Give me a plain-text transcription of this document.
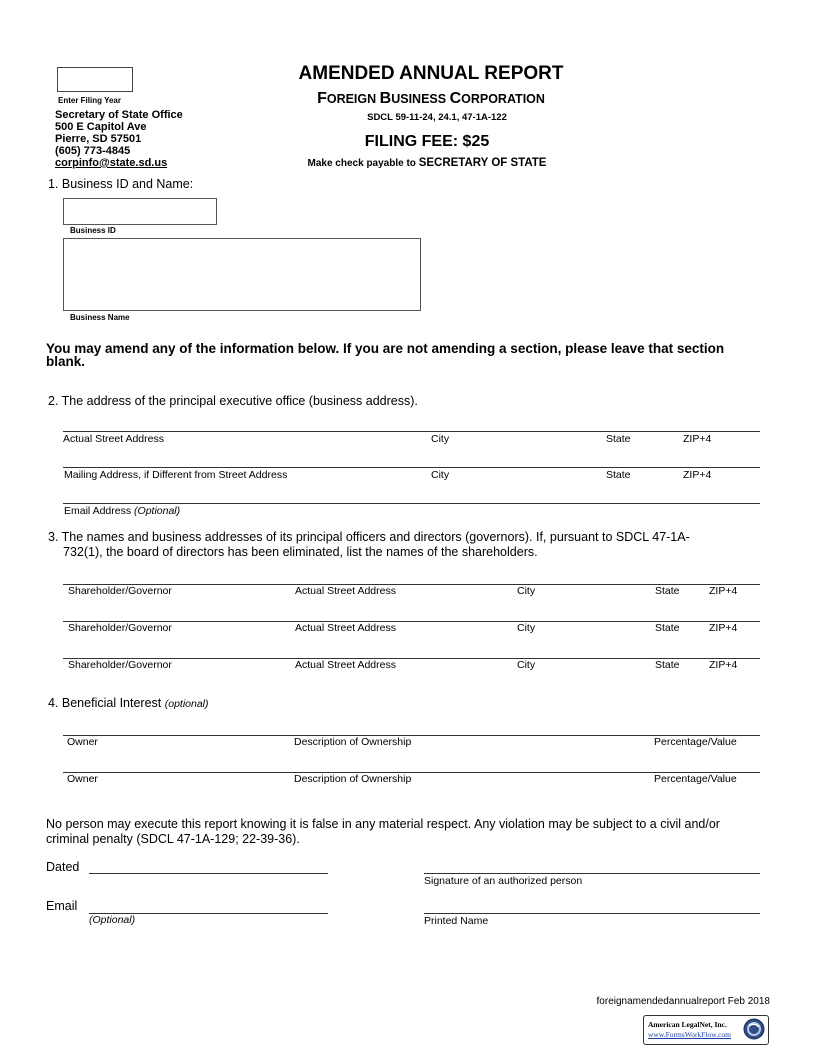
Enter Filing Year
Secretary of State Office
500 E Capitol Ave
Pierre, SD 57501
(605) 773-4845
corpinfo@state.sd.us
AMENDED ANNUAL REPORT
FOREIGN BUSINESS CORPORATION
SDCL 59-11-24, 24.1, 47-1A-122
FILING FEE: $25
Make check payable to SECRETARY OF STATE
1. Business ID and Name:
Business ID
Business Name
You may amend any of the information below. If you are not amending a section, please leave that section blank.
2. The address of the principal executive office (business address).
Actual Street Address	City	State	ZIP+4
Mailing Address, if Different from Street Address	City	State	ZIP+4
Email Address (Optional)
3. The names and business addresses of its principal officers and directors (governors). If, pursuant to SDCL 47-1A-
732(1), the board of directors has been eliminated, list the names of the shareholders.
Shareholder/Governor	Actual Street Address	City	State	ZIP+4
Shareholder/Governor	Actual Street Address	City	State	ZIP+4
Shareholder/Governor	Actual Street Address	City	State	ZIP+4
4. Beneficial Interest (optional)
Owner	Description of Ownership	Percentage/Value
Owner	Description of Ownership	Percentage/Value
No person may execute this report knowing it is false in any material respect. Any violation may be subject to a civil and/or
criminal penalty (SDCL 47-1A-129; 22-39-36).
Dated
Signature of an authorized person
Email
(Optional)	Printed Name
foreignamendedannualreport Feb 2018
American LegalNet, Inc.
www.FormsWorkFlow.com
